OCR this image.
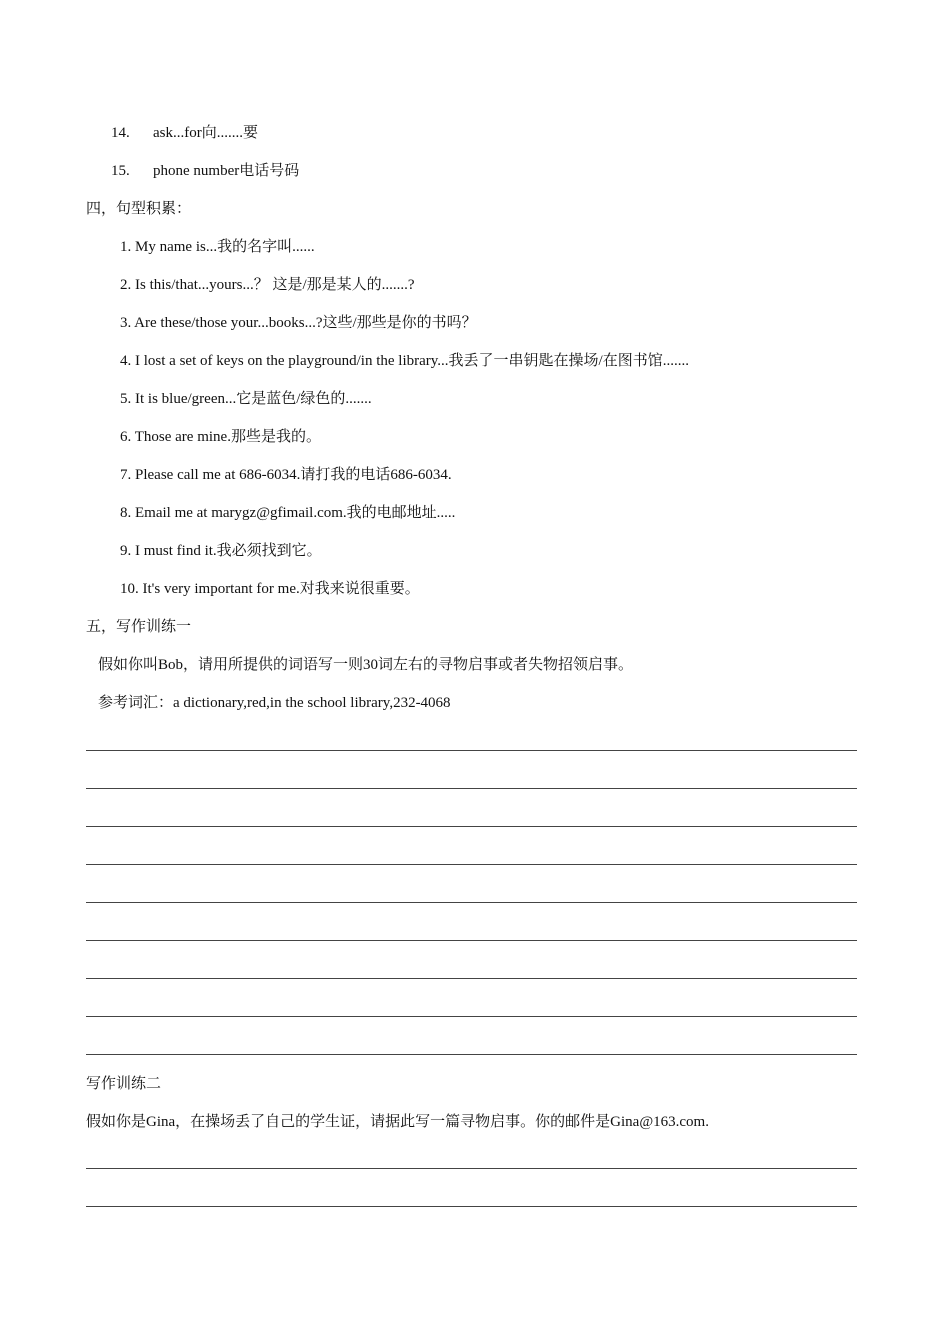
14. ask...for向.......要
15. phone number电话号码
四，句型积累：
1. My name is...我的名字叫......
2. Is this/that...yours...？ 这是/那是某人的.......?
3. Are these/those your...books...?这些/那些是你的书吗？
4. I lost a set of keys on the playground/in the library...我丢了一串钥匙在操场/在图书馆.......
5. It is blue/green...它是蓝色/绿色的.......
6. Those are mine.那些是我的。
7. Please call me at 686-6034.请打我的电话686-6034.
8. Email me at marygz@gfimail.com.我的电邮地址.....
9. I must find it.我必须找到它。
10. It's very important for me.对我来说很重要。
五，写作训练一
假如你叫Bob，请用所提供的词语写一则30词左右的寻物启事或者失物招领启事。
参考词汇：a dictionary,red,in the school library,232-4068
写作训练二
假如你是Gina，在操场丢了自己的学生证，请据此写一篇寻物启事。你的邮件是Gina@163.com.
